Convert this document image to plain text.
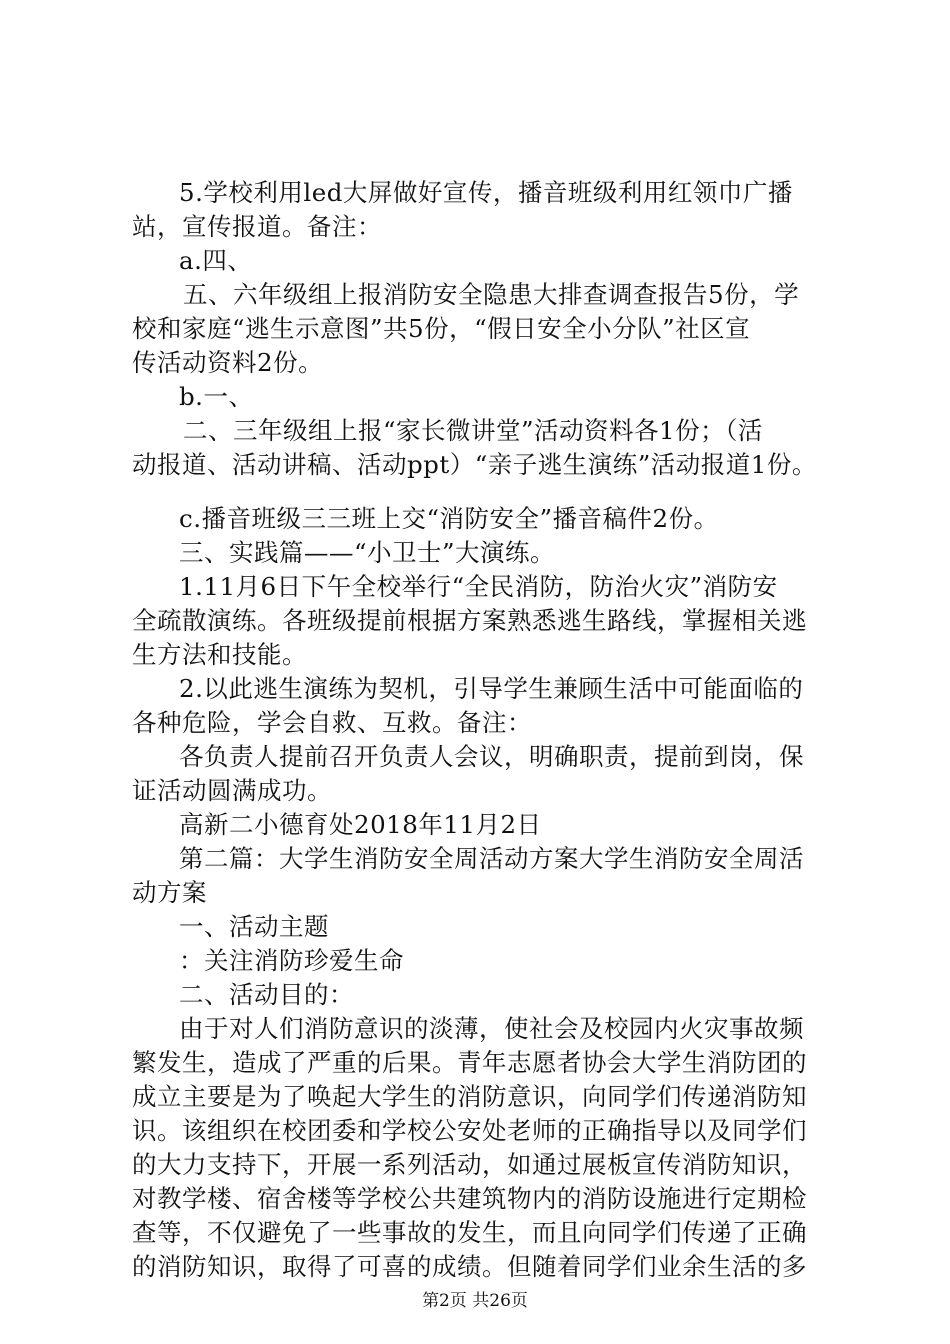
5.学校利用led大屏做好宣传，播音班级利用红领巾广播
站，宣传报道。备注：
a.四、
五、六年级组上报消防安全隐患大排查调查报告5份，学
校和家庭“逃生示意图”共5份，“假日安全小分队”社区宣
传活动资料2份。
b.一、
二、三年级组上报“家长微讲堂”活动资料各1份；（活
动报道、活动讲稿、活动ppt）“亲子逃生演练”活动报道1份。
c.播音班级三三班上交“消防安全”播音稿件2份。
三、实践篇——“小卫士”大演练。
1.11月6日下午全校举行“全民消防，防治火灾”消防安
全疏散演练。各班级提前根据方案熟悉逃生路线，掌握相关逃
生方法和技能。
2.以此逃生演练为契机，引导学生兼顾生活中可能面临的
各种危险，学会自救、互救。备注：
各负责人提前召开负责人会议，明确职责，提前到岗，保
证活动圆满成功。
高新二小德育处2018年11月2日
第二篇：大学生消防安全周活动方案大学生消防安全周活
动方案
一、活动主题
：关注消防珍爱生命
二、活动目的：
由于对人们消防意识的淡薄，使社会及校园内火灾事故频
繁发生，造成了严重的后果。青年志愿者协会大学生消防团的
成立主要是为了唤起大学生的消防意识，向同学们传递消防知
识。该组织在校团委和学校公安处老师的正确指导以及同学们
的大力支持下，开展一系列活动，如通过展板宣传消防知识，
对教学楼、宿舍楼等学校公共建筑物内的消防设施进行定期检
查等，不仅避免了一些事故的发生，而且向同学们传递了正确
的消防知识，取得了可喜的成绩。但随着同学们业余生活的多
第2页 共26页
